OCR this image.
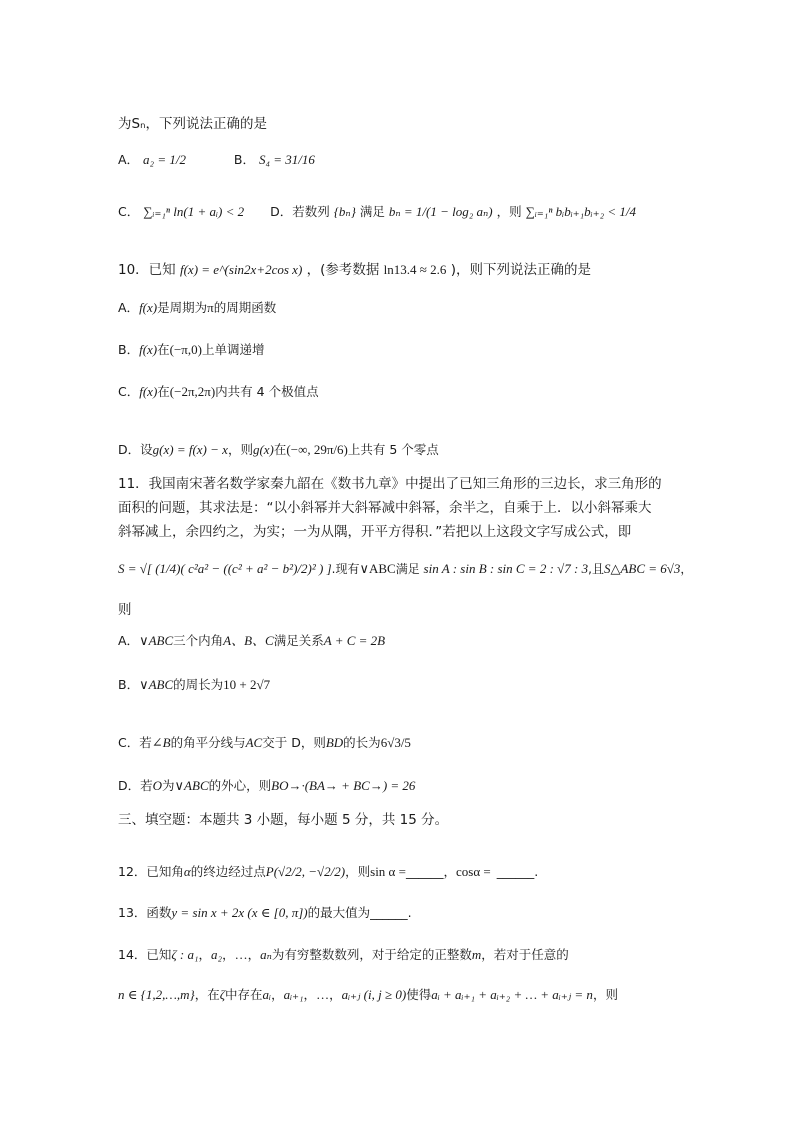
为Sₙ，下列说法正确的是
A． a₂ = 1/2	B． S₄ = 31/16
C． ∑ᵢ₌₁ⁿ ln(1 + aᵢ) < 2 D．若数列 {bₙ} 满足 bₙ = 1/(1 − log₂ aₙ) ，则 ∑ᵢ₌₁ⁿ bᵢbᵢ₊₁bᵢ₊₂ < 1/4
10．已知 f(x) = e^(sin2x+2cos x) ，(参考数据 ln13.4 ≈ 2.6 )，则下列说法正确的是
A．f(x)是周期为π的周期函数
B．f(x)在(−π,0)上单调递增
C．f(x)在(−2π,2π)内共有 4 个极值点
D．设g(x) = f(x) − x，则g(x)在(−∞, 29π/6)上共有 5 个零点
11．我国南宋著名数学家秦九韶在《数书九章》中提出了已知三角形的三边长，求三角形的
面积的问题，其求法是：“以小斜幂并大斜幂减中斜幂，余半之，自乘于上．以小斜幂乘大
斜幂减上，余四约之，为实；一为从隅，开平方得积．”若把以上这段文字写成公式，即
S = √[ (1/4)( c²a² − ((c² + a² − b²)/2)² ) ].现有∨ABC满足 sin A : sin B : sin C = 2 : √7 : 3,且S△ABC = 6√3，
则
A．∨ABC三个内角A、B、C满足关系A + C = 2B
B．∨ABC的周长为10 + 2√7
C．若∠B的角平分线与AC交于 D，则BD的长为6√3/5
D．若O为∨ABC的外心，则BO→·(BA→ + BC→) = 26
三、填空题：本题共 3 小题，每小题 5 分，共 15 分。
12．已知角α的终边经过点P(√2/2, −√2/2)，则sin α =______，cosα = ______.
13．函数y = sin x + 2x (x ∈ [0, π])的最大值为______.
14．已知ζ : a₁，a₂，…，aₙ为有穷整数数列，对于给定的正整数m，若对于任意的
n ∈ {1,2,…,m}，在ζ中存在aᵢ，aᵢ₊₁，…，aᵢ₊ⱼ (i, j ≥ 0)使得aᵢ + aᵢ₊₁ + aᵢ₊₂ + … + aᵢ₊ⱼ = n，则
